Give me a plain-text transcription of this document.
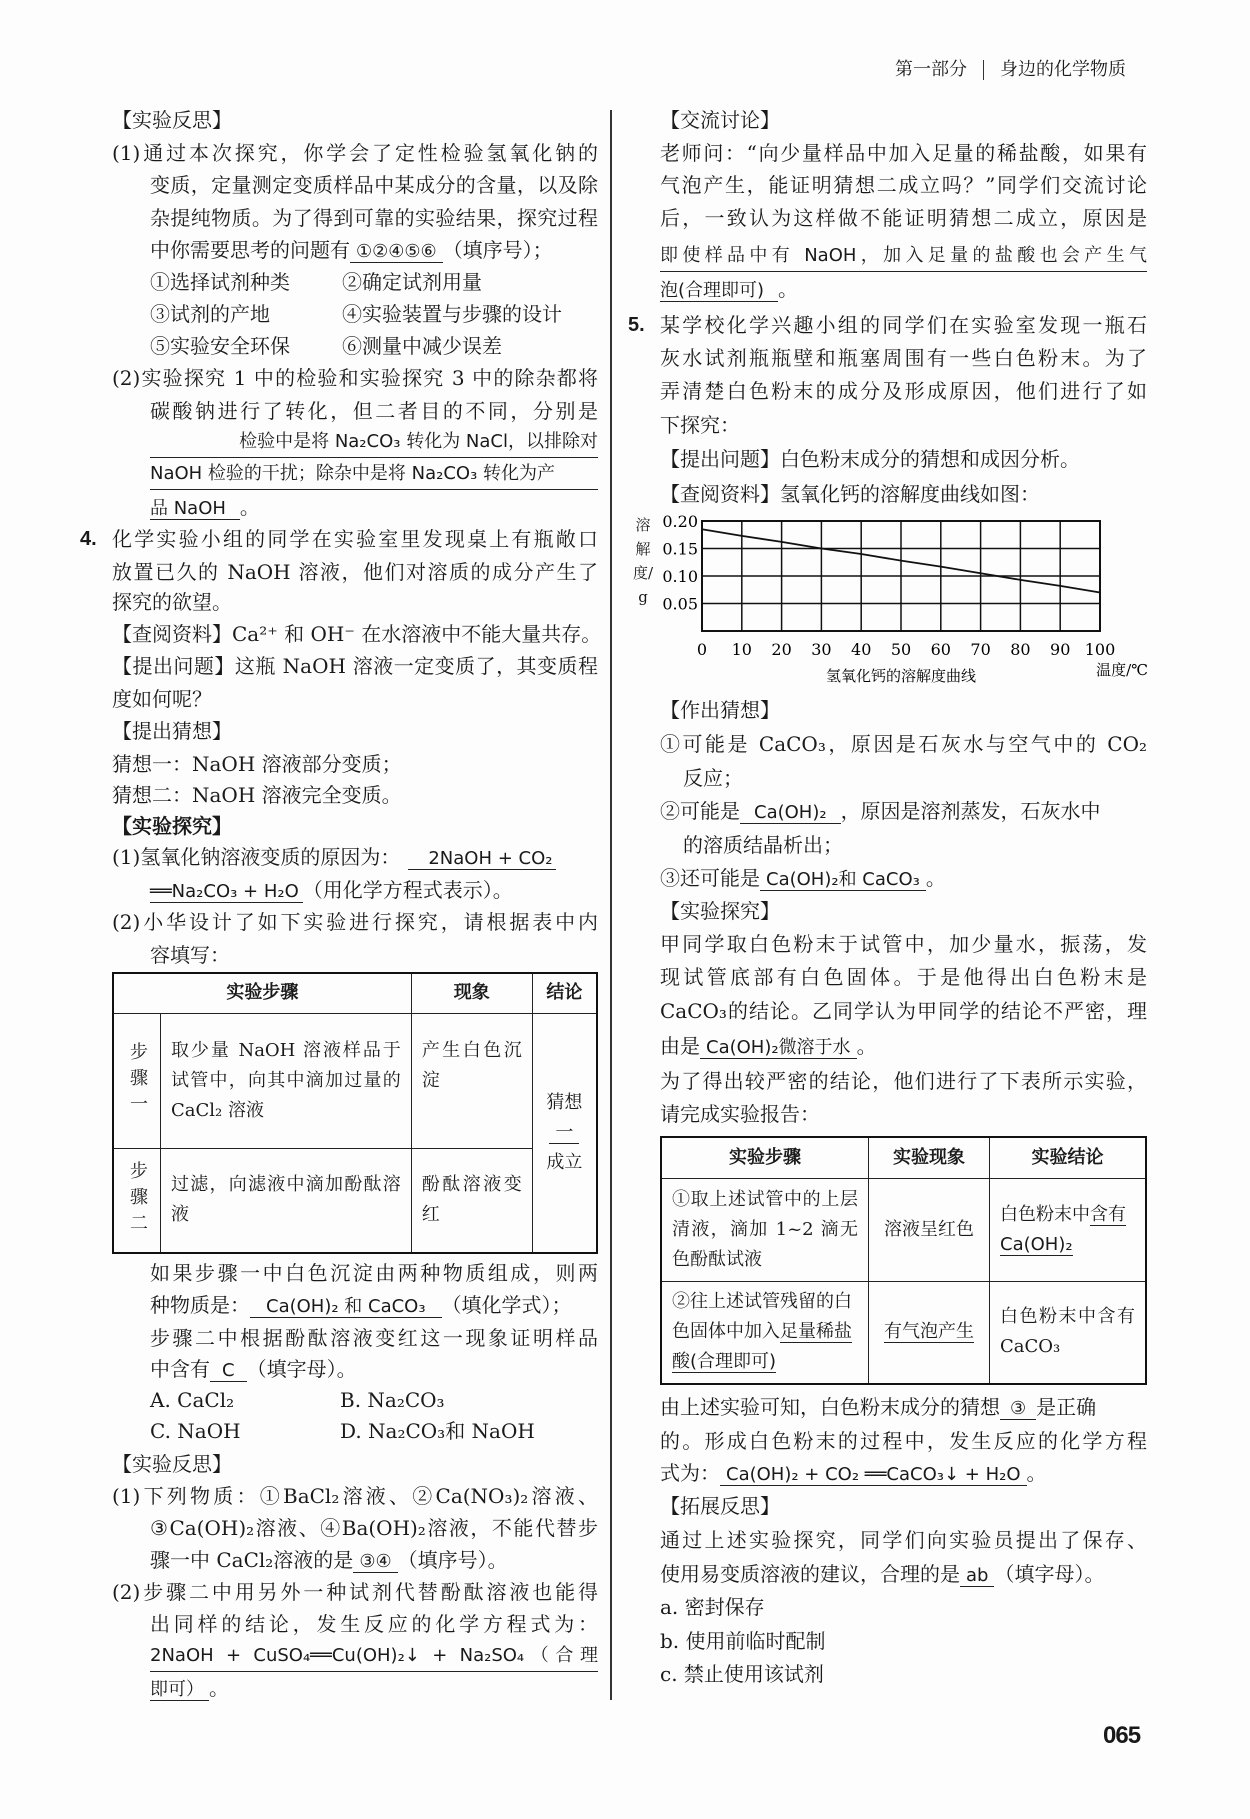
第一部分 身边的化学物质
【实验反思】
(1)通过本次探究，你学会了定性检验氢氧化钠的
变质，定量测定变质样品中某成分的含量，以及除
杂提纯物质。为了得到可靠的实验结果，探究过程
中你需要思考的问题有 ①②④⑤⑥ （填序号）；
①选择试剂种类	②确定试剂用量
③试剂的产地	④实验装置与步骤的设计
⑤实验安全环保	⑥测量中减少误差
(2)实验探究 1 中的检验和实验探究 3 中的除杂都将
碳酸钠进行了转化，但二者目的不同，分别是
检验中是将 Na₂CO₃ 转化为 NaCl，以排除对
NaOH 检验的干扰；除杂中是将 Na₂CO₃ 转化为产
品 NaOH 。
4. 化学实验小组的同学在实验室里发现桌上有瓶敞口
放置已久的 NaOH 溶液，他们对溶质的成分产生了
探究的欲望。
【查阅资料】Ca²⁺ 和 OH⁻ 在水溶液中不能大量共存。
【提出问题】这瓶 NaOH 溶液一定变质了，其变质程
度如何呢？
【提出猜想】
猜想一：NaOH 溶液部分变质；
猜想二：NaOH 溶液完全变质。
【实验探究】
(1)氢氧化钠溶液变质的原因为： 2NaOH + CO₂
══Na₂CO₃ + H₂O （用化学方程式表示）。
(2)小华设计了如下实验进行探究，请根据表中内
容填写：
实验步骤		现象	结论
步骤一	取少量 NaOH 溶液样品于试管中，向其中滴加过量的 CaCl₂ 溶液	产生白色沉淀	猜想一
成立
步骤二	过滤，向滤液中滴加酚酞溶液	酚酞溶液变红	
如果步骤一中白色沉淀由两种物质组成，则两
种物质是： Ca(OH)₂ 和 CaCO₃ （填化学式）；
步骤二中根据酚酞溶液变红这一现象证明样品
中含有 C （填字母）。
A. CaCl₂	B. Na₂CO₃
C. NaOH	D. Na₂CO₃和 NaOH
【实验反思】
(1)下列物质：①BaCl₂溶液、②Ca(NO₃)₂溶液、
③Ca(OH)₂溶液、④Ba(OH)₂溶液，不能代替步
骤一中 CaCl₂溶液的是 ③④ （填序号）。
(2)步骤二中用另外一种试剂代替酚酞溶液也能得
出同样的结论，发生反应的化学方程式为：
2NaOH + CuSO₄══Cu(OH)₂↓ + Na₂SO₄（合理
即可） 。
【交流讨论】
老师问：“向少量样品中加入足量的稀盐酸，如果有
气泡产生，能证明猜想二成立吗？”同学们交流讨论
后，一致认为这样做不能证明猜想二成立，原因是
即使样品中有 NaOH，加入足量的盐酸也会产生气
泡(合理即可) 。
5. 某学校化学兴趣小组的同学们在实验室发现一瓶石
灰水试剂瓶瓶壁和瓶塞周围有一些白色粉末。为了
弄清楚白色粉末的成分及形成原因，他们进行了如
下探究：
【提出问题】白色粉末成分的猜想和成因分析。
【查阅资料】氢氧化钙的溶解度曲线如图：
0 10 20 30 40 50 60 70 80 90 100
0.20
0.15
0.10
0.05
温度/℃
氢氧化钙的溶解度曲线
溶解度/g
【作出猜想】
①可能是 CaCO₃，原因是石灰水与空气中的 CO₂
反应；
②可能是 Ca(OH)₂ ，原因是溶剂蒸发，石灰水中
的溶质结晶析出；
③还可能是 Ca(OH)₂和 CaCO₃ 。
【实验探究】
甲同学取白色粉末于试管中，加少量水，振荡，发
现试管底部有白色固体。于是他得出白色粉末是
CaCO₃的结论。乙同学认为甲同学的结论不严密，理
由是 Ca(OH)₂微溶于水 。
为了得出较严密的结论，他们进行了下表所示实验，
请完成实验报告：
实验步骤	实验现象	实验结论
①取上述试管中的上层清液，滴加 1~2 滴无色酚酞试液	溶液呈红色	白色粉末中含有Ca(OH)₂
②往上述试管残留的白色固体中加入足量稀盐酸(合理即可)	有气泡产生	白色粉末中含有 CaCO₃
由上述实验可知，白色粉末成分的猜想 ③ 是正确
的。形成白色粉末的过程中，发生反应的化学方程
式为： Ca(OH)₂ + CO₂ ══CaCO₃↓ + H₂O 。
【拓展反思】
通过上述实验探究，同学们向实验员提出了保存、
使用易变质溶液的建议，合理的是 ab （填字母）。
a. 密封保存
b. 使用前临时配制
c. 禁止使用该试剂
065
